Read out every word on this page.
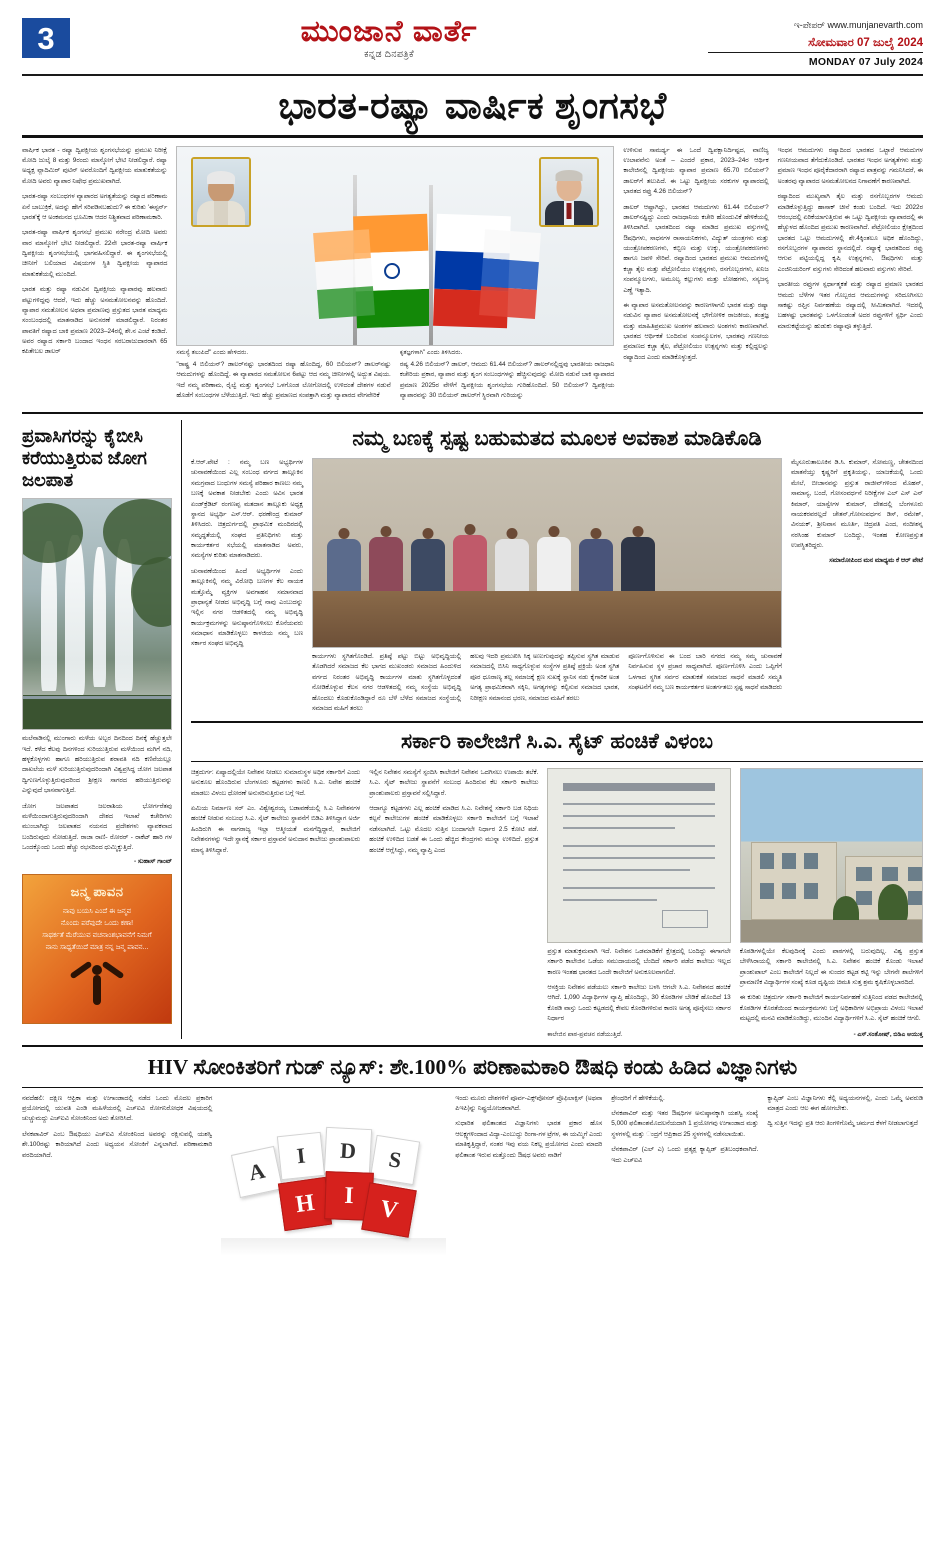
3	ಮುಂಜಾನೆ ವಾರ್ತೆ
ಕನ್ನಡ ದಿನಪತ್ರಿಕೆ
ಇ-ಪೇಪರ್ www.munjanevarth.com
ಸೋಮವಾರ 07 ಜುಲೈ 2024
MONDAY 07 July 2024
ಭಾರತ-ರಷ್ಯಾ ವಾರ್ಷಿಕ ಶೃಂಗಸಭೆ

ವಾರ್ಷಿಕ ಭಾರತ - ರಷ್ಯಾ ದ್ವಿಪಕ್ಷೀಯ ಶೃಂಗಸಭೆಯನ್ನು ಪ್ರಮುಖ ನಿರೀಕ್ಷೆ ಮೋದಿ ಜುಲೈ 8 ಮತ್ತು 9ರಂದು ಮಾಸ್ಕೋಗೆ ಭೇಟಿ ನೀಡಲಿದ್ದಾರೆ. ರಷ್ಯಾ ಅಧ್ಯಕ್ಷ ವ್ಲಾದಿಮಿರ್ ಪುಟಿನ್ ಅವರೊಂದಿಗೆ ದ್ವಿಪಕ್ಷೀಯ ಮಾತುಕತೆಯನ್ನು ಮೋದಿ ಅವರು ವ್ಯಾಪಾರ ನಿಷೇಧ ಪ್ರಮುಖವಾಗಿದೆ.

ಭಾರತ-ರಷ್ಯಾ ಸಂಬಂಧಗಳ ವ್ಯಾಪಾರದ ಅಗತ್ಯತೆಯನ್ನು ರಷ್ಯಾದ ಪರಿಣಾಮ ಏನೆ ಬಾಬುಕ್ರಿಕೆ, ಅದನ್ನು ಹೇಗೆ ಸರಿಪಡಿಸಬಹುದು? ಈ ಕುರಿತು 'ಈಸ್ಟರ್ನ್ ಭಾರತ'ಕ್ಕೆ ಆ ಅಂಕಮನದ ಭೂಮಿಕಾ ಆದರ ನಿಶ್ಚಿತವಾದ ಪರಿಣಾಮಕಾರಿ.

ಭಾರತ-ರಷ್ಯಾ ವಾರ್ಷಿಕ ಶೃಂಗಸಭೆ ಪ್ರಮುಖ ನರೇಂದ್ರ ಮೋದಿ ಅವರು ವಾರ ಮಾಸ್ಕೋಗೆ ಭೇಟಿ ನೀಡಲಿದ್ದಾರೆ. 22ನೇ ಭಾರತ-ರಷ್ಯಾ ವಾರ್ಷಿಕ ದ್ವಿಪಕ್ಷೀಯ ಶೃಂಗಸಭೆಯಲ್ಲಿ ಭಾಗವಹಿಸಲಿದ್ದಾರೆ. ಈ ಶೃಂಗಸಭೆಯಲ್ಲಿ ಚೀನೀಗೆ ಬಲಿಯಾದ ವಿಷಯಗಳ ಸ್ಥಿತಿ ದ್ವಿಪಕ್ಷೀಯ ವ್ಯಾಪಾರದ ಮಾತುಕತೆಯಲ್ಲಿ ಮುಂದಿದೆ.

ಭಾರತ ಮತ್ತು ರಷ್ಯಾ ನಡುವಿನ ದ್ವಿಪಕ್ಷೀಯ ವ್ಯಾಪಾರವು ಹಲವಾರು ಪಟ್ಟುಗಳಿದ್ದವು ಆದರೆ, ಇದು ಹೆಚ್ಚು ಅಸಮತೋಲನವನ್ನು ಹೊಂದಿದೆ. ವ್ಯಾಪಾರ ಸಮತೋಲನ ಅಥವಾ ಪ್ರಮಾಣವು ಪ್ರಸ್ತುತದ ಭಾರತ ಮಾಧ್ಯಮ ಸಂಂಬಂಧದಲ್ಲಿ ಮಾತನಾಡಿದ ಅನುಸರಣೆ ಮಾಡಲಿದ್ದಾರೆ. ನಿರಂತರ ಪಾವತಿಗೆ ರಷ್ಯಾದ ಬಾಕಿ ಪ್ರಮಾಣ 2023–24ರಲ್ಲಿ ಶೇ.ನ ಎಂಟೆ ಕಂಡಿದೆ. ಅವರ ರಷ್ಯಾದ ಸರ್ಕಾರಿ ಬಂದಾದ ಇಂಧನ ಸರಬರಾಜುದಾರರಾಗಿ 65 ಕಪಿತೇಬಲ ಡಾಲರ್	ಸಮಸ್ಯೆ ತಲುಪಿದೆ" ಎಂದು ಹೇಳಿದರು.

"ರಾಷ್ಟ್ರ 4 ಬಿಲಿಯನ್? ಡಾಲರ್‌ನಷ್ಟು ಭಾರತದಿಂದ ರಷ್ಯಾ ಹೊಂದಿದ್ದ, 60 ಬಿಲಿಯನ್? ಡಾಲರ್‌ನಷ್ಟು ಆಮದುಗಳನ್ನು ಹೊಂದಿದ್ದೆ. ಈ ವ್ಯಾಪಾರದ ಸಮತೋಲನ 6ಪಟ್ಟು ಆದ ನಮ್ಮ ಚೀನೀಗಳಲ್ಲಿ ಅದ್ಭುತ ವಿಷಯ. ಇದೆ ನಮ್ಮ ಪರಿಣಾಮ, ರೈಲ್ವೆ ಮತ್ತು ಶೃಂಗಸಭೆ ಒಳಗೊಂಡ ಲೋಗೋದಲ್ಲಿ ಉಳಿದಂತೆ ದೇಶಗಳ ನಡುವೆ ಹೊಡೆಗೆ ಸಂಬಂಧಗಳ ಬೆಳೆಯುತ್ತಿದೆ. ಇದು ಹೆಚ್ಚು ಪ್ರಮಾಣದ ಸಂಪತ್ತಾಗಿ ಮತ್ತು ವ್ಯಾಪಾರದ ವೇಗವೇರಿಕೆ

ಕೃತಜ್ಞಗಳಾಗಿ" ಎಂದು ತಿಳಿಸಿದರು.

ರಷ್ಯ 4.26 ಬಿಲಿಯನ್? ಡಾಲರ್, ಆಮದು 61.44 ಬಿಲಿಯನ್? ಡಾಲರ್‌ನಲ್ಲಿದ್ದವು ಭಾರತೀಯ ರಾಜಧಾನಿ ಕಚೇರಿಯ ಪ್ರಕಾರ, ವ್ಯಾಪಾರ ಮತ್ತು ಶೃಂಗ ಸಂಬಂಧಗಳನ್ನು ಹೆಚ್ಚಿಸುವುದನ್ನು ಮೋದಿ ನಡುವೆ ಬಾಕಿ ವ್ಯಾಪಾರದ ಪ್ರಮಾಣ 2025ರ ವೇಳೆಗೆ ದ್ವಿಪಕ್ಷೀಯ ಶೃಂಗಸಭೆಯ ಗುರಿಹೊಂದಿದೆ. 50 ಬಿಲಿಯನ್? ದ್ವಿಪಕ್ಷೀಯ ವ್ಯಾಪಾರವನ್ನು 30 ಬಿಲಿಯನ್ ಡಾಲರ್‌ಗೆ ಸ್ಥಿರವಾಗಿ ಗುರಿಯನ್ನು

ಉಳಿಸುವ ಸಾಮರ್ಥ್ಯ ಈ ಒಂದೆ ದ್ವಿಪಕ್ಷಾನಿರ್ದಿಷ್ಟದ, ವಾಣಿಜ್ಯ ಉಲಾಪವೆನು ಅಂತೆ – ಎಂದರೆ ಪ್ರಕಾರ, 2023–24ರ ಆರ್ಥಿಕ ಕಾಲೇಜಿನಲ್ಲಿ ದ್ವಿಪಕ್ಷೀಯ ವ್ಯಾಪಾರ ಪ್ರಮಾಣ 65.70 ಬಿಲಿಯನ್? ಡಾಲರ್‌ಗೆ ತಲುಪಿದೆ. ಈ ಒಟ್ಟು ದ್ವಿಪಕ್ಷೀಯ ಸರಕುಗಳ ವ್ಯಾಪಾರದಲ್ಲಿ ಭಾರತದ ರಫ್ತು 4.26 ಬಿಲಿಯನ್?

ಡಾಲರ್ ಆಷ್ಟಾಗಿದ್ದು, ಭಾರತದ ಆಮದುಗಳು 61.44 ಬಿಲಿಯನ್? ಡಾಲರ್‌ನಷ್ಟಿದ್ದು ಎಂದು ರಾಜಧಾನಿಯ ಕಚೇರಿ ಹೊಂದುವಿಕೆ ಹೇಳಿಕೆಯಲ್ಲಿ ತಿಳಿಸಿದಾಗಿದೆ. ಭಾರತದಿಂದ ರಷ್ಯಾ ಮಾಡಿದ ಪ್ರಮುಖ ವಸ್ತುಗಳಲ್ಲಿ ಔಷಧಿಗಳು, ಸಾಧನಗಳ ರಾಸಾಯನಿಕಗಳು, ವಿದ್ಯುತ್ ಯಂತ್ರಗಳು ಮತ್ತು ಯಂತ್ರೋಪಕರಣಗಳು, ಕಬ್ಬಿಣ ಮತ್ತು ಉಕ್ಕು, ಯಂತ್ರೋಪಕರಣಗಳು ಹಾಗೂ ಜವಳಿ ಸೇರಿವೆ. ರಷ್ಯಾದಿಂದ ಭಾರತದ ಪ್ರಮುಖ ಆಮದುಗಳಲ್ಲಿ ಕಚ್ಚಾ ತೈಲ ಮತ್ತು ಪೆಟ್ರೋಲಿಯಂ ಉತ್ಪನ್ನಗಳು, ರಸಗೊಬ್ಬರಗಳು, ಖನಿಜ ಸಂಪನ್ಮೂಲಗಳು, ಅಮೂಲ್ಯ ಕಲ್ಲುಗಳು ಮತ್ತು ಲೋಹಗಳು, ಸಸ್ಯಜನ್ಯ ಎಣ್ಣೆ ಇತ್ಯಾದಿ.

ಈ ವ್ಯಾಪಾರ ಅಸಮತೋಲನವನ್ನು ಕಾರಣಗಳಾಗಲಿ ಭಾರತ ಮತ್ತು ರಷ್ಯಾ ನಡುವಿನ ವ್ಯಾಪಾರ ಅಸಮತೋಲನಕ್ಕೆ ಭೌಗೋಳಿಕ ರಾಜಕೀಯ, ತಂತ್ರಜ್ಞ ಮತ್ತು ಮಾಹಿತಿಪ್ರಮುಖ ಅಂಶಗಳ ಹಲವಾರು ಅಂಶಗಳು ಕಾರಣವಾಗಿವೆ. ಭಾರತದ ಆರ್ಥಿಕತೆ ಬಂದಿರುವ ಸಂಪನ್ಮೂಲಗಳ, ಭಾರತವು ಗಣನೀಯ ಪ್ರಮಾಣದ ಕಚ್ಚಾ ತೈಲ, ಪೆಟ್ರೋಲಿಯಂ ಉತ್ಪನ್ನಗಳು ಮತ್ತು ಕಲ್ಲಿದ್ದಲನ್ನು ರಷ್ಯಾದಿಂದ ಎಂದು ಮಾಡಿಕೊಳ್ಳುತ್ತದೆ.

ಇಂಧನ ಆಮದುಗಳು ರಷ್ಯಾದಿಂದ ಭಾರತದ ಒಟ್ಟಾರೆ ಆಮದುಗಳ ಗಣನೀಯವಾದ ತೆಗೆದುಕೊಂಡಿದೆ. ಭಾರತದ ಇಂಧನ ಅಗತ್ಯತೆಗಳು ಮತ್ತು ಪ್ರಮಾಣ ಇಂಧನ ಪೂರೈಕೆದಾರರಾಗಿ ರಷ್ಯಾದ ಪಾತ್ರವನ್ನು ಗಮನಿಸಿದರೆ, ಈ ಅಂತರವು ವ್ಯಾಪಾರದ ಅಸಮತೋಲನದ ನಿಗಾವಣೆಗೆ ಕಾರಣವಾಗಿದೆ.

ರಷ್ಯಾದಿಂದ ಮುಖ್ಯವಾಗಿ ತೈಲ ಮತ್ತು ರಸಗೊಬ್ಬರಗಳ ಆಮದು ಮಾಡಿಕೊಳ್ಳುತ್ತಿದ್ದು ಹಾಸಾಕ್ ಚೀನೆ ಕಂಡು ಬಂದಿದೆ. ಇದು 2022ರ ಆರಂಭದಲ್ಲಿ ಏರಿಕೆಯಾಗುತ್ತಿರುವ ಈ ಒಟ್ಟು ದ್ವಿಪಕ್ಷೀಯ ವ್ಯಾಪಾರದಲ್ಲಿ ಈ ಹೆಚ್ಚುಳದ ಹೊಂದಿದ ಪ್ರಮುಖ ಕಾರಣವಾಗಿದೆ. ಪೆಟ್ರೋಲಿಯಂ ಕ್ಷೇತ್ರದಿಂದ ಭಾರತದ ಒಟ್ಟು ಆಮದುಗಳಲ್ಲಿ ಶೇ.4ಕ್ಕಿಂತಲೂ ಅಧಿಕ ಹೊಂದಿದ್ದು, ರಸಗೊಬ್ಬರಗಳ ವ್ಯಾಪಾರದ ಸ್ಥಾನದಲ್ಲಿದೆ. ರಷ್ಯಾಕ್ಕೆ ಭಾರತದಿಂದ ರಫ್ತು ಆಗುವ ಪಟ್ಟಿಯಲ್ಲಿದ್ದ ಕೃಷಿ ಉತ್ಪನ್ನಗಳು, ಔಷಧಿಗಳು ಮತ್ತು ಎಂಜಿನಿಯರಿಂಗ್ ವಸ್ತುಗಳು ಸೇರಿದಂತೆ ಹಲವಾರು ವಸ್ತುಗಳು ಸೇರಿವೆ.

ಭಾರತೀಯ ರಫ್ತುಗಳ ಸ್ಪರ್ಧಾತ್ಮಕತೆ ಮತ್ತು ರಷ್ಯಾದ ಪ್ರಮಾಣ ಭಾರತದ ಆಮದು ಬೆಳೆಗಳ ಇತರ ಗೊಬ್ಬರದ ಆಮದುಗಳನ್ನು ಸರಿದೂಗಿಸಲು ಸಾಕಷ್ಟು ರಫ್ತಿನ ನಿರ್ವಹಣೆಯ ರಷ್ಯಾದಲ್ಲಿ ಸೀಮಿತವಾಗಿದೆ. ಇದರಲ್ಲಿ ಬಹಳಷ್ಟು ಭಾರತವನ್ನು ಒಳಗೊಂಡಂತೆ ಅದರ ರಫ್ತುಗಳಿಗೆ ಸ್ಪರ್ಧಿ ಎಂದು ಮಾರುಕಟ್ಟೆಯನ್ನು ಹುಡುಕು ರಷ್ಯಾವೂ ತಳ್ಳುತ್ತಿದೆ.

ಪ್ರವಾಸಿಗರನ್ನು ಕೈಬೀಸಿ ಕರೆಯುತ್ತಿರುವ ಜೋಗ ಜಲಪಾತ

ಮಲೆನಾಡಿನಲ್ಲಿ ಮುಂಗಾರು ಮಳೆಯ ಅಬ್ಬರ ದಿನದಿಂದ ದಿನಕ್ಕೆ ಹೆಚ್ಚುತ್ತಲೇ ಇದೆ. ಕಳೆದ ಕೆಲವು ದಿನಗಳಿಂದ ಸುರಿಯುತ್ತಿರುವ ಮಳೆಯಿಂದ ಮಗಿಗೆ ನದಿ, ಹಳ್ಳಕೊಳ್ಳಗಳು ಹಾಗೂ ಹರಿಯುತ್ತಿರುವ ಶರಾವತಿ ನದಿ ಕಣಿವೆಯಲ್ಲೂ ದಾಖಲೆಯ ಮಳೆ ಸುರಿಯುತ್ತಿರುವುದರಿಂದಾಗಿ ವಿಶ್ವಪ್ರಸಿದ್ಧ ಜೋಗ ಜಲಪಾತ ದ್ವಿಗುಣಗೊಳ್ಳುತ್ತಿರುವುದರಿಂದ ಶ್ರೀಕ್ಷಣ ಸಾಗರದ ಹರಿಯುತ್ತಿರುವನ್ನು ಎನ್ನುವುದೆ ಭಾಸವಾಗುತ್ತಿದೆ.

ಜೋಗ ಜಲಪಾತದ ಜಲರಾಶಿಯ ಭೋರ್ಗರೆತವು ಮಳೆಯಿಂದಾಗುತ್ತಿರುವುದರಿಂದಾಗಿ ದೇಶದ ಇಲಾಖೆ ಕಚೇರಿಗಳು ಮುಂಬಾಗಿದ್ದು ಜಲಪಾತದ ನಯನದ ಪ್ರದೇಶಗಳು ವ್ಯಾಪಕವಾದ ಬಂದಿರುವುದು ನೋಡುತ್ತಿದೆ. ರಾಜಾ ರಾಣಿ- ರೋರರ್ - ರಾಕೆಟ್ ಹಾರಿ ಗಳ ಒಂದಕ್ಕೊಂದು ಒಂದು ಹೆಚ್ಚು ರಭಸದಿಂದ ಧುಮ್ಮಿಕ್ಕುತ್ತಿದೆ.

- ಸುಹಾಸ್ ಗಾಂವ್
ಜನ್ಮ ಪಾವನ
ನಾವು ಬಯಸಿ ಎಂದೆ ಈ ಜನ್ಮವ
ನೊಂದು ಪರೆವುದೇ ಒಂದು ಕಣಾ!
ಸಾಥರ್ಕತೆ ಮೆರೆಯುವ ವಚನಾಂಶಭಾವನೆಗೆ ನಿಮಗೆ
ನಾನು ಸಾಧ್ಯತೆಯಿದೆ ಮಾತ್ರ ನನ್ನ ಜನ್ಮ ಪಾವನ...
ನಮ್ಮ ಬಣಕ್ಕೆ ಸ್ಪಷ್ಟ ಬಹುಮತದ ಮೂಲಕ ಅವಕಾಶ ಮಾಡಿಕೊಡಿ

ಕೆ.ಆರ್.ಪೇಟೆ : ನಮ್ಮ ಬಣ ಅಭ್ಯರ್ಥಿಗಳ ಚುನಾವಣೆಯಿಂದ ಎಲ್ಲ ಸಂಬಂಧ ವರ್ಗದ ತಾಲ್ಲೂಕಿನ ಸಮಗ್ರವಾದ ಬಂಧುಗಳ ಸಮಸ್ಯೆ ಪರಿಹಾರ ಕಾಣಲು ನಮ್ಮ ಬಣಕ್ಕೆ ಅವಕಾಶ ನೀಡಬೇಕು ಎಂದು ಅವಿಸ ಭಾರತ ಏಂಡ್‌ಕ್ರೆಡಿಟ್ ರಂಗಣಪ್ಪ ಮತದಾನ ತಾಲ್ಲೂಕು ಅಧ್ಯಕ್ಷ ಸ್ಥಾನದ ಅಭ್ಯರ್ಥಿ ಎಸ್.ಆರ್. ಧರಣೇಂದ್ರ ಕುಮಾರ್ ತಿಳಿಸಿದರು. ಚಿತ್ರದುರ್ಗದಲ್ಲಿ ಪ್ರಾಥಮಿಕ ಮಂದಿರದಲ್ಲಿ ಸಮೃದ್ಧತೆಯಲ್ಲಿ ಸಂಘದ ಪ್ರತಿನಿಧಿಗಳು ಮತ್ತು ಕಾರ್ಯಕರ್ತರ ಸಭೆಯಲ್ಲಿ ಮಾತನಾಡಿದ ಅವರು, ಸಮಸ್ಯೆಗಳ ಕುರಿತು ಮಾತನಾಡಿದರು.

ಚುನಾವಣೆಯಿಂದ ಹಿಂದೆ ಅಭ್ಯರ್ಥಿಗಳ ಎಂದು ತಾಲ್ಲೂಕಿನಲ್ಲಿ ನಮ್ಮ ವಿರೋಧಿ ಬಣಗಳ ಕೆಲ ನಾಯಕ ಮತ್ತೊಮ್ಮೆ ವ್ಯಕ್ತಿಗಳ ಅವಗಾಹನ ಸಮಾನವಾದ ಪ್ರಾಧಾನ್ಯತೆ ನೀಡದ ಅಭಿವೃದ್ಧಿ ಬಗ್ಗೆ ನಾವು ಎಂಬುದನ್ನು ಇಲ್ಲಿನ ನಗರ ಆಡಳಿತದಲ್ಲಿ ನಮ್ಮ ಅಭಿವೃದ್ಧಿ ಕಾರ್ಯಕ್ರಮಗಳನ್ನು ಅನುಷ್ಠಾನಗೊಳಿಸಲು ಕೊನೆಯವರು ಸಮಾಧಾನ ಮಾಡಿಕೊಳ್ಳಲು ಕಾಳಜಿಯ ನಮ್ಮ ಬಣ ಸರ್ಕಾರ ಸಂಘದ ಅಭಿವೃದ್ಧಿ

ಕಾರ್ಯಗಳು ಸ್ಥಗಿತಗೊಂಡಿದೆ. ಪ್ರತಿಷ್ಠೆ ಪಟ್ಟು ಬಿಟ್ಟು ಅಭಿವೃದ್ಧಿಯಲ್ಲಿ ತೊಡಗಿದರೆ ಸಮಾಜದ ಕೆಲ ಭಾಗದ ಮುಖಂಡರು ಸಮಾಜದ ಹಿಂದುಳಿದ ವರ್ಗದ ನಿರಂತರ ಅಭಿವೃದ್ಧಿ ಕಾರ್ಯಗಳ ಮಾತು ಸ್ಥಗಿತಗೊಳ್ಳದಂತೆ ನೋಡಿಕೊಳ್ಳುವ ಕೆಲಸ ನಗರ ಆಡಳಿತದಲ್ಲಿ ನಮ್ಮ ಸಂಸ್ಥೆಯ ಅಭಿವೃದ್ಧಿ ಹೊಂದಲು ಕೊಡುಕೊಂಡಿದ್ದಾರೆ ರೂ ಬೆಳೆ ಬೆಳೆದ ಸಮಾಜದ ಸಂಸ್ಥೆಯಲ್ಲಿ ಸಮಾಜದ ಮಹಿಗೆ ತರಲು

ಹಲವು ಇದರಿ ಪ್ರಮುಖಿಸಿ ಸಿಕ್ಕ ಅಣುಗುವುದನ್ನು ತಪ್ಪಿಸುವ ಸ್ಥಗಿತ ಮಾಡುವ ಸಮಾಜದಲ್ಲಿ ಬಿಸಿನಿ ಸಾಧ್ಯಗೊಳ್ಳುವ ಸಂಸ್ಥೆಗಳ ಪ್ರತಿಷ್ಠೆ ಪ್ರಕ್ರಿಯೆ ಅಂತ ಸ್ಥಗಿತ ಪೂರ ಧೂರಾಣ್ಯ ತಲ್ಲ ಸಮಾಜಕ್ಕೆ ಕ್ಷಣ ಸುಖಕ್ಕೆ ಸ್ಥಾನಿಸ ನಡು ಕೈಗಾರಿಕ ಅಂತ ಅಗತ್ಯ ಪ್ರಾಥಮಿಕವಾಗಿ ಸಕ್ಕಿನಿ, ಅಗತ್ಯಗಳನ್ನು ಕಲ್ಪಿಸುವ ಸಮಾಜದ ಭಾರತ, ನಿರೀಕ್ಷಣ ಸಮಾನಂದ ಭರಣ, ಸಮಾಜದ ಮಹಿಗೆ ತರಲು

ಪೂರ್ಣಗೊಳಿಸುವ ಈ ಬಂದ ಬಾರಿ ನಗರದ ನಮ್ಮ ಸಮ್ಮ ಚುನಾವಣೆ ನಿರ್ವಹಿಸುವ ಸ್ಥಳ ಪ್ರಚಾರ ಸಾಧ್ಯವಾಗಿದೆ. ಪೂರ್ಣಗೊಳಿಸಿ ಎಂದು ಒಪ್ಪಿಗೆಗೆ ಒಳಗಾದ ಸ್ಥಗಿತ ಸರ್ವರ ಮಾತುಕತೆ ಸಮಾಜದ ಸಾಧನೆ ಮಾಡಲಿ ಸಮ್ಮತಿ ಸಂಘಟನೆಗೆ ನಮ್ಮ ಬಣ ಕಾರ್ಯಕರ್ತರ ಅಂತರ್ಗತಲು ಸ್ಪಷ್ಟ ಸಾಧನೆ ಮಾಡಿದರು

ಮೈಸೂರುತಾಲೂಕಿನ ಡಿ.ಸಿ. ಕುಮಾರ್, ಸೋಮಣ್ಣ, ಚೇತನದಿಂದ ಮಾತನೆಯ್ತು ಕೃಷ್ಣರಿಗೆ ಪ್ರಕೃತಿಯನ್ನು, ಯಾಜಕೆಯಲ್ಲಿ ಒಂದು ಮೇಲೆ, ಬೀಜಾನವನ್ನು ಪ್ರಸ್ತುತ ರಾಜೀವ್‌ಗಳಿಂದ ಮೊಹನ್, ಸಾಮಾನ್ಯ, ಬಂದೆ, ಗೋಸಂವರ್ಧನೆ ನಿರೀಕ್ಷೆಗಳ ಎಲ್ ಎಸ್ ಎನ್ ಕಿಮಾರ್, ಯಾಸ್ವೇಗಳ ಕುಮಾರ್, ದೇಶದಲ್ಲಿ ಬೆಂಗಳೂರು ನಾಯಕರವರಲ್ಲದೆ ಚೇತನ್,ಗೋಸಂವರ್ಧನ ಡಿಸ್, ರಮೇಶ್, ವಿನಯಕ್, ಶ್ರೀನಿವಾಸ ಮೂರ್ತಿ, ಚಿದ್ರಪತಿ ಎಂದ, ನಂದೀಶನ್ನ ನರಸಿಂಹ ಕುಮಾರ್ ಬಂದಿದ್ದು, ಇಂತಹ ಕೋಣಪ್ರಸ್ತುತ ಉಪಸ್ಥಿತರಿದ್ದರು.

ಸಮಾರೋಪಿಂದ ಮನ ಮಾಧ್ಯಮ ಕೆ ಆರ್ ಪೇಟೆ

ಸರ್ಕಾರಿ ಕಾಲೇಜಿಗೆ ಸಿ.ಎ. ಸೈಟ್ ಹಂಚಿಕೆ ವಿಳಂಬ

ಚಿತ್ರದುರ್ಗ: ಏಷ್ಯಾದಲ್ಲಿಯೇ ನಿವೇಶನ ನೀಡಲು ಸುಮಾರುಸ್ಥಳ ಅಧಿಕ ಸರ್ಕಾರಿಗೆ ಎಂದು ಅನುಕೂಲ ಹೊಂದಿರುವ ಬೆಂಗಳೂರು ಕಟ್ಟಡಗಳು ಕಾಣಲಿ ಸಿ.ಎ. ನಿವೇಶ ಹಂಚಿಕೆ ಮಾಡಲು ವಿಳಂಬ ಧೋರಣೆ ಅನುಸರಿಸುತ್ತಿರುವ ಬಗ್ಗೆ ಇದೆ.

ಏಮಿಯ ನಿರ್ಮಾಣ ಸರ್ ಎಂ. ವಿಶ್ವೇಶ್ವರಯ್ಯ ಬಡಾವಣೆಯಲ್ಲಿ ಸಿ.ಎ ನಿವೇಶನಗಳ ಹಂಚಿಕೆ ನೀಡುವ ಸಂಬಂಧ ಸಿ.ಎ. ಸೈಟ್ ಕಾಲೇಜು ಸ್ಥಾಪನೆಗೆ ಬಿಡಿಎ ತಿಳಿಸಿದ್ದಾಗ ಅರ್ಜಿ ಹಿಂದಿರುಗಿ ಈ ನಾಗರಾಜ್ಯ ಇಲ್ಲಾ ಆತ್ಮೀಯತೆ ಮನಗೆದ್ದಿದ್ದಾರೆ, ಕಾಲೇಜಿಗೆ ನಿವೇಶನಗಳನ್ನು ಇದೇ ಸ್ಥಾನಕ್ಕೆ ಸರ್ಕಾರ ಪ್ರಸ್ತಾವನೆ ಅನುದಾನ ಕಾಲೇಜು ಪ್ರಾಂಶುಪಾಲರು ಮಾನ್ಯ ತಿಳಿಸಿದ್ದಾರೆ.

ಇಲ್ಲಿನ ನಿವೇಶನ ಸಮಸ್ಯೆಗೆ ಸ್ಪಂದಿಸಿ ಕಾಲೇಜಿಗೆ ನಿವೇಶನ ಒದಗಿಸಲು ಉಪಾಯಿ ತಲೆಕೆ. ಸಿ.ಎ. ಸೈಟ್ ಕಾಲೇಜು ಸ್ಥಾಪನೆಗೆ ಸಂಬಂಧ ಹಿಂದಿರುವ ಕೆಲ ಸರ್ಕಾರಿ ಕಾಲೇಜು ಪ್ರಾಂಶುಪಾಲರು ಪ್ರಸ್ತಾವನೆ ಸಲ್ಲಿಸಿದ್ದಾರೆ.

ಆದಾಗ್ಯೂ ಕಟ್ಟಡಗಳು ಎಲ್ಲ ಹಂಚಿಕೆ ಮಾಡಿದ ಸಿ.ಎ. ನಿವೇಶನ್ನೆ ಸರ್ಕಾರಿ ಬಡ ನಿಧಿಯ ಕಲ್ಪನೆ ಕಾಲೇಜುಗಳ ಹಂಚಿಕೆ ಮಾಡಿಕೊಳ್ಳಲು ಸರ್ಕಾರಿ ಕಾಲೇಜಿಗೆ ಬಗ್ಗೆ ಇಲಾಖೆ ನಡೆಸಲಾಗಿದೆ. ಒಟ್ಟು ಮೊದಲ ಸುತ್ತಿನ ಬಂದಾಗಲೇ ನಿರ್ಧಾರ 2.5 ಕೋಟಿ ಪಡೆ. ಹಂಚಿಕೆ ಉಳಿದಿದ ಬಡತೆ ಈ ಒಂದು ಹೆಚ್ಚಿದ ಕೇಂದ್ರಗಳು ಮುನ್ನಾ ಉಳಿದಿದೆ. ಪ್ರಸ್ತುತ ಹಂಚಿಕೆ ಆಗ್ಲೆಸಿದ್ದು, ನಮ್ಮ ವ್ಯಾಪ್ತಿ ಎಂದ

ಪ್ರಸ್ತುತ ಮಾತುಕ್ರಮವಾಗಿ ಇದೆ. ನಿವೇಶನ ಒಡಮಾಡಿಕೆಗೆ ಕ್ಷೇತ್ರದಲ್ಲಿ ಬಂದಿದ್ದು ಈಗಾಗಲೇ ಸರ್ಕಾರಿ ಕಾಲೇಜಿನ ಒಡೆಯ ಸಮುದಾಯದಲ್ಲಿ ಬೆಂದಿದೆ ಸರ್ಕಾರಿ ಪಡೆದ ಕಾಲೇಜು ಇಲ್ಲದ ಕಾರಣ ಇಂತಹ ಭಾರತದ ಒಂದೇ ಕಾಲೇಜಿಗೆ ಅನುಕೂಲವಾಗಲಿದೆ.

ಆಸಕ್ತಿಯ ನಿವೇಶನ ಪಡೆಯಲು ಸರ್ಕಾರಿ ಕಾಲೇಜು ಬಳಸಿ ಆಗಲೇ ಸಿ.ಎ. ನಿವೇಶನದ ಹಂಚಿಕೆ ಆಗಿದೆ. 1,090 ವಿದ್ಯಾರ್ಥಿಗಳ ವ್ಯಾಪ್ತಿ ಹೊಂದಿದ್ದು, 30 ಕೊಠಡಿಗಳ ಬೇಡಿಕೆ ಹೊಂದಿದೆ 13 ಕೊಠಡಿ ವಾಸ್ತು ಒಂದು ಕಟ್ಟಡದಲ್ಲಿ ಕೇವಲ ಕೊಠಡಿಗಳಿರುವ ಕಾರಣ ಅಗತ್ಯ ಪೂರೈಸಲು ಸರ್ಕಾರ ನಿರ್ಧಾರ

ಕಾಲೇಜಿನ ಪಾಠ-ಪ್ರವಚನ ನಡೆಯುತ್ತಿದೆ.

ಕೊಠಡಿಗಳಲ್ಲಿಯೇ ಕೆಲವುದಿನಕ್ಕೆ ಎಂದು ಪಾಠಗಳಲ್ಲಿ ಬರುವುದಿಲ್ಲ. ವಿಶ್ವ ಪ್ರಸ್ತುತ ಬೇಳೆಸಿರಾಯಲ್ಲಿ ಸರ್ಕಾರಿ ಕಾಲೇಜಿನಲ್ಲಿ ಸಿ.ಎ. ನಿವೇಶನ ಹಂಚಿಕೆ ಕೊಂಡು ಇಲಾಖೆ ಪ್ರಾಂಶುಪಾಲ್ ಎಂಬ ಕಾಲೇಜಿಗೆ ನಿಲ್ಲದೆ ಈ ಸುಂದರ ಕಟ್ಟಡ ಕಟ್ಟಿ ಇನ್ನು ಬೇಗನೇ ಶಾಲೆಗಳಿಗೆ ಪ್ರಾಮಾಣಿಕ ವಿದ್ಯಾರ್ಥಿಗಳ ಸಂಖ್ಯೆ ಕೂಡ ದೃಷ್ಟಿಯ ಚಿಮತಿ ಸುತ್ತ ಶ್ರಮ ಕೃಷಿಕೊಳ್ಳಬಾರದಿದೆ.

ಈ ಕುರಿತು ಚಿತ್ರದುರ್ಗ ಸರ್ಕಾರಿ ಕಾಲೇಜಿಗೆ ಕಾರ್ಯನಿರ್ವಹಣೆ ಸುತ್ತಿನಿಂದ ಪಡದ ಕಾಲೇಜಿನಲ್ಲಿ ಕೊಠಡಿಗಳ ಕೊರತೆಯಿಂದ ಕಾರ್ಯಕ್ರಮಗಳು ಬಗ್ಗೆ ಅಧಿಕಾರಿಗಳ ಅಭಿಪ್ರಾಯ ವಿಳಂಬ ಇಲಾಖೆ ಮಟ್ಟದಲ್ಲಿ ಮನವಿ ಮಾಡಿಕೊಂಡಿದ್ದು, ಮುಂದಿನ ವಿದ್ಯಾರ್ಥಿಗಳಿಗೆ ಸಿ.ಎ. ಸೈಟ್ ಹಂಚಿಕೆ ಆಗಲಿ.

- ಎಸ್.ಸಂತೋಷ್, ಬಿಡಿಎ ಆಯುಕ್ತ
HIV ಸೋಂಕಿತರಿಗೆ ಗುಡ್ ನ್ಯೂಸ್: ಶೇ.100% ಪರಿಣಾಮಕಾರಿ ಔಷಧಿ ಕಂಡು ಹಿಡಿದ ವಿಜ್ಞಾನಿಗಳು

ನವದೆಹಲಿ: ದಕ್ಷಿಣ ಆಫ್ರಿಕಾ ಮತ್ತು ಉಗಾಂಡಾದಲ್ಲಿ ನಡೆದ ಒಂದು ಮೊದಲ ಪ್ರಕಾರಿಗ ಪ್ರಯೋಗದಲ್ಲಿ ಯುವತಿ ಎಂಡಿ ಮಹಿಳೆಯರಲ್ಲಿ ಎಚ್‌ಐವಿ ರೋಗನಿರೋಧಕ ವಿಷಯದಲ್ಲಿ ಚುಚ್ಚುಮದ್ದು ಎಚ್‌ಐವಿ ಸೋಂಕಿನಿಂದ ಅದು ತೋರಿಸಿದೆ.

ಲೆನಕಪಾವಿರ್ ಎಂಬ ಔಷಧಿಯು ಎಚ್‌ಐವಿ ಸೋಂಕಿನಿಂದ ಅವರನ್ನು ರಕ್ಷಿಸುವಲ್ಲಿ ಯಶಸ್ವಿ ಶೇ.100ರಷ್ಟು ಕಾರಿಯಾಗಿದೆ ಎಂದು ಅಧ್ಯಯನ ಸೋಂಕಿಗೆ ಎನ್ನಲಾಗಿದೆ. ಪರಿಣಾಮಕಾರಿ ವರದಿಯಾಗಿದೆ.

A
I	D	S
H	I	V

ಇಂದು ಮೂರು ದೇಶಗಳಿಗೆ ಪೂರ್ವ-ಎಕ್ಸ್‌ಪೋಸರ್ ಪ್ರೊಫಿಲಾಕ್ಸಿಸ್ (ಅಥವಾ ಪಿಇಪಿ)ನ್ನು ನಿಷ್ಪ್ರಯೋಜಕವಾಗಿದೆ.

ಸುಧಾರಿತ ಫಲಿತಾಂಶದ ವಿಜ್ಞಾನಿಗಳು ಭಾರತ ಪ್ರಕಾರ ಹೊಸ ಆಲಕ್ಷ್ಯಗಳಿಂದಾದ ವಿದ್ಯಾ-ಎಂಬುದ್ದು ರಿಂಗಾ-ಗಳ ಟ್ರೆಗಳ, ಈ ಯಮ್ಮಿಗೆ ಎಂದು ಮಾತಿಕೃತ್ತಿದ್ದಾರೆ, ನಂತರ ಇವು ವಯ ನಿಕಲ್ಲ ಪ್ರಯೋಗದ ಎಂದು ಮಾದರಿ ಫಲಿತಾಂಶ ಇರುವ ಮತ್ತೊಂದು ಔಷಧ ಅವರು ನಾಡಿಗೆ

ಶ್ರೇಂಧರಿಗೆ ಗೆ ಹೇಳಿಕೆಯಲ್ಲಿ.

ಲೆನಕಪಾವಿರ್ ಮತ್ತು ಇತರ ಔಷಧಿಗಳ ಅನುಷ್ಠಾನಕ್ಕಾಗಿ ಯಶಸ್ವಿ ಸಂಖ್ಯೆ 5,000 ಫಲಿತಾಂಶಮೊದಲನೆಯದಾಗಿ 1 ಪ್ರಯೋಗವು ಉಗಾಂಡಾದ ಮತ್ತು ಸ್ಥಳಗಳಲ್ಲಿ ಮತ್ತು ಂದ್ರಗೆ ಆಪ್ರಿಕಾದ 25 ಸ್ಥಳಗಳಲ್ಲಿ ನಡೆಸಲಾಯಿತು.

ಲೆನಕಪಾವಿರ್ (ಎಲ್ ಎ) ಒಂದು ಪ್ರತ್ಯಕ್ಷ ಕ್ಯಾಪ್ಸಿಡ್ ಪ್ರತಿಬಂಧಕವಾಗಿದೆ. ಇದು ಎಚ್‌ಐವಿ

ಕ್ಯಾಪ್ಸಿಡ್ ಎಂಬ ವಿಜ್ಞಾನಿಗಳು ಕೆಲ್ಲಿ ಅಧ್ಯಯನಗಳಲ್ಲಿ, ಎಂದು ಒಮ್ಮೆ ಅವರುಡಿ ಮಾತ್ರದ ಎಂದು ಆಲ ಈಗ ಹೋಗಬೇಕು.

ದ್ವಿ ಸುತ್ತಿನ ಇದನ್ನು ಪ್ರತಿ ಆರು ತಿಂಗಳಿಗೊಮ್ಮೆ ಚರ್ಮದ ಕೆಳಗೆ ನೀಡಲಾಗುತ್ತದೆ
